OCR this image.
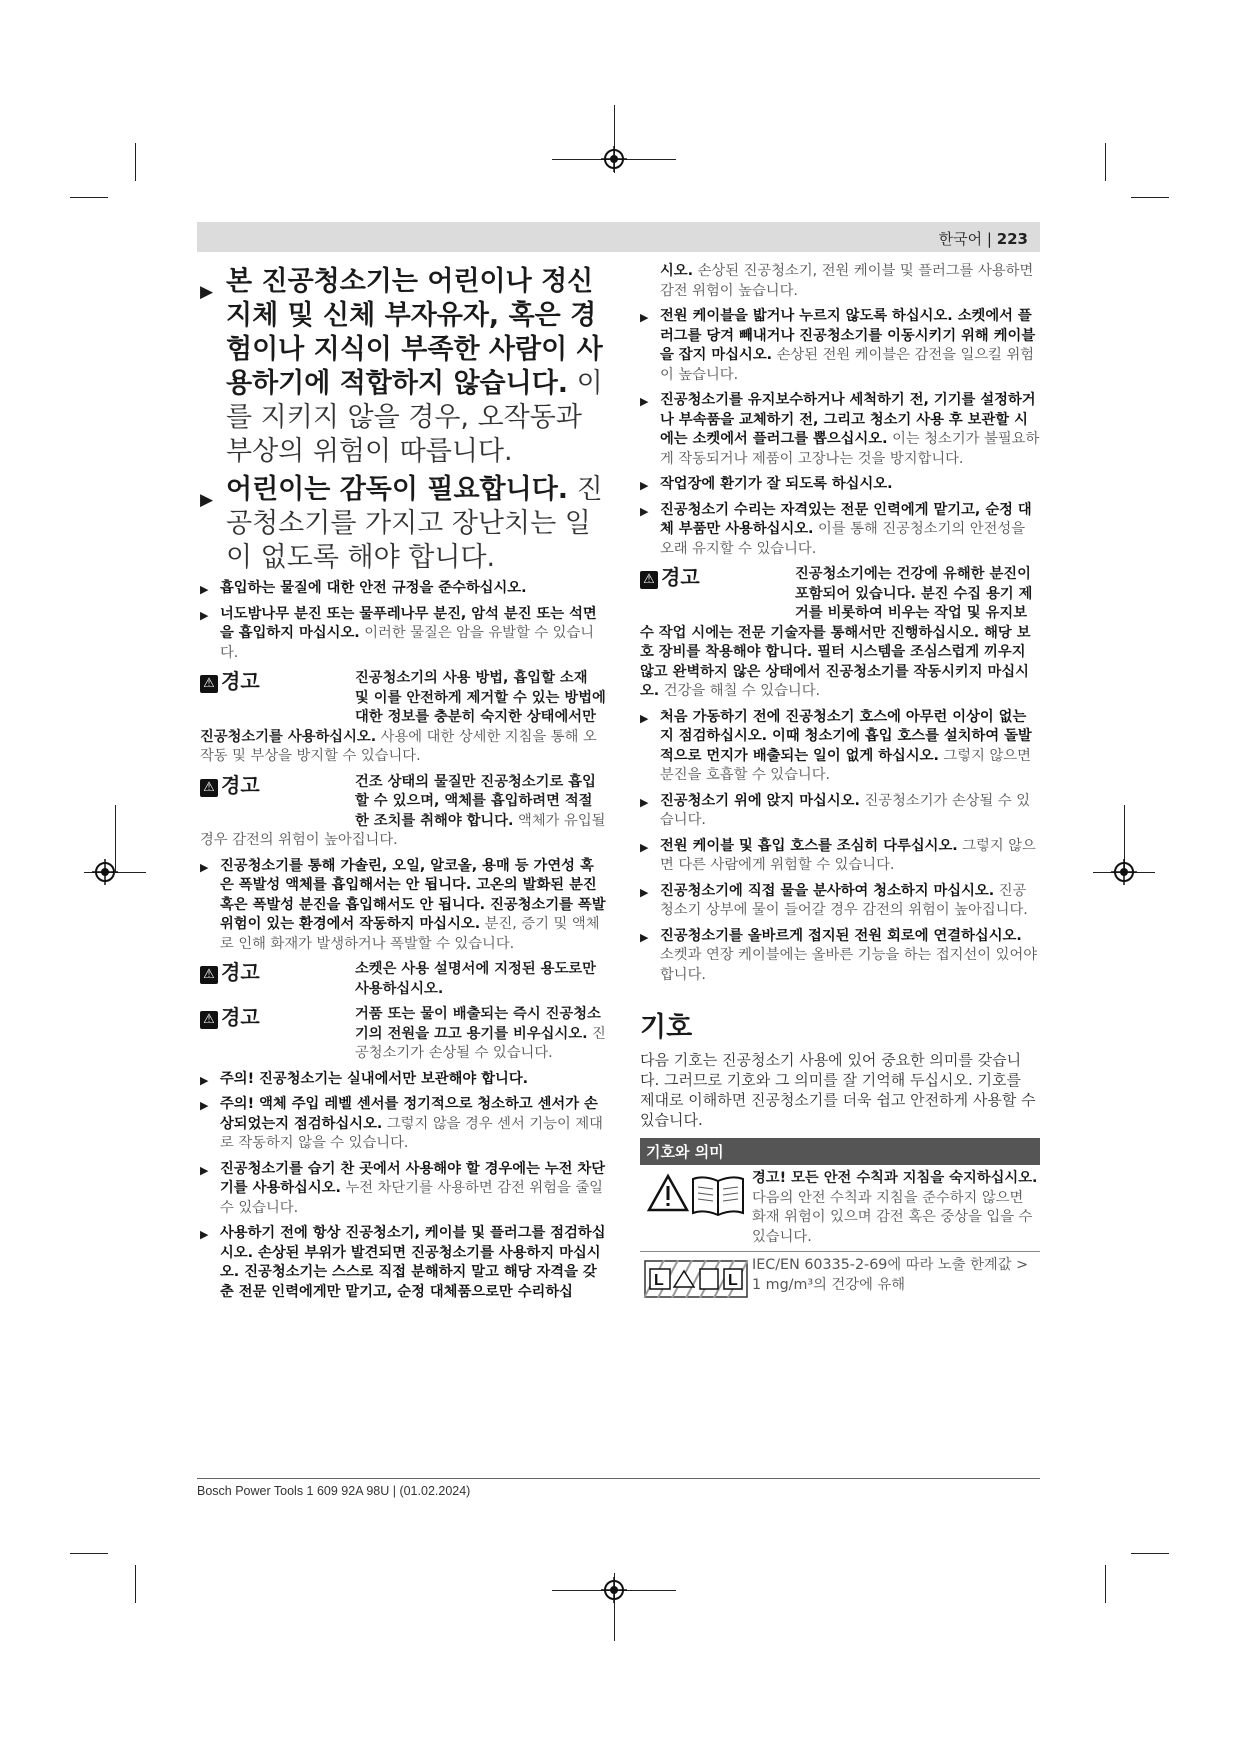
한국어 | 223
▶ 본 진공청소기는 어린이나 정신지체 및 신체 부자유자, 혹은 경험이나 지식이 부족한 사람이 사용하기에 적합하지 않습니다. 이를 지키지 않을 경우, 오작동과 부상의 위험이 따릅니다.
▶ 어린이는 감독이 필요합니다. 진공청소기를 가지고 장난치는 일이 없도록 해야 합니다.
▶ 흡입하는 물질에 대한 안전 규정을 준수하십시오.
▶ 너도밤나무 분진 또는 물푸레나무 분진, 암석 분진 또는 석면을 흡입하지 마십시오. 이러한 물질은 암을 유발할 수 있습니다.
⚠ 경고	진공청소기의 사용 방법, 흡입할 소재 및 이를 안전하게 제거할 수 있는 방법에 대한 정보를 충분히 숙지한 상태에서만 진공청소기를 사용하십시오. 사용에 대한 상세한 지침을 통해 오작동 및 부상을 방지할 수 있습니다.
⚠ 경고	건조 상태의 물질만 진공청소기로 흡입할 수 있으며, 액체를 흡입하려면 적절한 조치를 취해야 합니다. 액체가 유입될 경우 감전의 위험이 높아집니다.
▶ 진공청소기를 통해 가솔린, 오일, 알코올, 용매 등 가연성 혹은 폭발성 액체를 흡입해서는 안 됩니다. 고온의 발화된 분진 혹은 폭발성 분진을 흡입해서도 안 됩니다. 진공청소기를 폭발 위험이 있는 환경에서 작동하지 마십시오. 분진, 증기 및 액체로 인해 화재가 발생하거나 폭발할 수 있습니다.
⚠ 경고	소켓은 사용 설명서에 지정된 용도로만 사용하십시오.
⚠ 경고	거품 또는 물이 배출되는 즉시 진공청소기의 전원을 끄고 용기를 비우십시오. 진공청소기가 손상될 수 있습니다.
▶ 주의! 진공청소기는 실내에서만 보관해야 합니다.
▶ 주의! 액체 주입 레벨 센서를 정기적으로 청소하고 센서가 손상되었는지 점검하십시오. 그렇지 않을 경우 센서 기능이 제대로 작동하지 않을 수 있습니다.
▶ 진공청소기를 습기 찬 곳에서 사용해야 할 경우에는 누전 차단기를 사용하십시오. 누전 차단기를 사용하면 감전 위험을 줄일 수 있습니다.
▶ 사용하기 전에 항상 진공청소기, 케이블 및 플러그를 점검하십시오. 손상된 부위가 발견되면 진공청소기를 사용하지 마십시오. 진공청소기는 스스로 직접 분해하지 말고 해당 자격을 갖춘 전문 인력에게만 맡기고, 순정 대체품으로만 수리하십
시오. 손상된 진공청소기, 전원 케이블 및 플러그를 사용하면 감전 위험이 높습니다.
▶ 전원 케이블을 밟거나 누르지 않도록 하십시오. 소켓에서 플러그를 당겨 빼내거나 진공청소기를 이동시키기 위해 케이블을 잡지 마십시오. 손상된 전원 케이블은 감전을 일으킬 위험이 높습니다.
▶ 진공청소기를 유지보수하거나 세척하기 전, 기기를 설정하거나 부속품을 교체하기 전, 그리고 청소기 사용 후 보관할 시에는 소켓에서 플러그를 뽑으십시오. 이는 청소기가 불필요하게 작동되거나 제품이 고장나는 것을 방지합니다.
▶ 작업장에 환기가 잘 되도록 하십시오.
▶ 진공청소기 수리는 자격있는 전문 인력에게 맡기고, 순정 대체 부품만 사용하십시오. 이를 통해 진공청소기의 안전성을 오래 유지할 수 있습니다.
⚠ 경고	진공청소기에는 건강에 유해한 분진이 포함되어 있습니다. 분진 수집 용기 제거를 비롯하여 비우는 작업 및 유지보수 작업 시에는 전문 기술자를 통해서만 진행하십시오. 해당 보호 장비를 착용해야 합니다. 필터 시스템을 조심스럽게 끼우지 않고 완벽하지 않은 상태에서 진공청소기를 작동시키지 마십시오. 건강을 해칠 수 있습니다.
▶ 처음 가동하기 전에 진공청소기 호스에 아무런 이상이 없는지 점검하십시오. 이때 청소기에 흡입 호스를 설치하여 돌발적으로 먼지가 배출되는 일이 없게 하십시오. 그렇지 않으면 분진을 호흡할 수 있습니다.
▶ 진공청소기 위에 앉지 마십시오. 진공청소기가 손상될 수 있습니다.
▶ 전원 케이블 및 흡입 호스를 조심히 다루십시오. 그렇지 않으면 다른 사람에게 위험할 수 있습니다.
▶ 진공청소기에 직접 물을 분사하여 청소하지 마십시오. 진공청소기 상부에 물이 들어갈 경우 감전의 위험이 높아집니다.
▶ 진공청소기를 올바르게 접지된 전원 회로에 연결하십시오. 소켓과 연장 케이블에는 올바른 기능을 하는 접지선이 있어야 합니다.
기호
다음 기호는 진공청소기 사용에 있어 중요한 의미를 갖습니다. 그러므로 기호와 그 의미를 잘 기억해 두십시오. 기호를 제대로 이해하면 진공청소기를 더욱 쉽고 안전하게 사용할 수 있습니다.
기호와 의미
경고! 모든 안전 수칙과 지침을 숙지하십시오. 다음의 안전 수칙과 지침을 준수하지 않으면 화재 위험이 있으며 감전 혹은 중상을 입을 수 있습니다.
L	L
IEC/EN 60335-2-69에 따라 노출 한계값 > 1 mg/m³의 건강에 유해
Bosch Power Tools 1 609 92A 98U | (01.02.2024)
